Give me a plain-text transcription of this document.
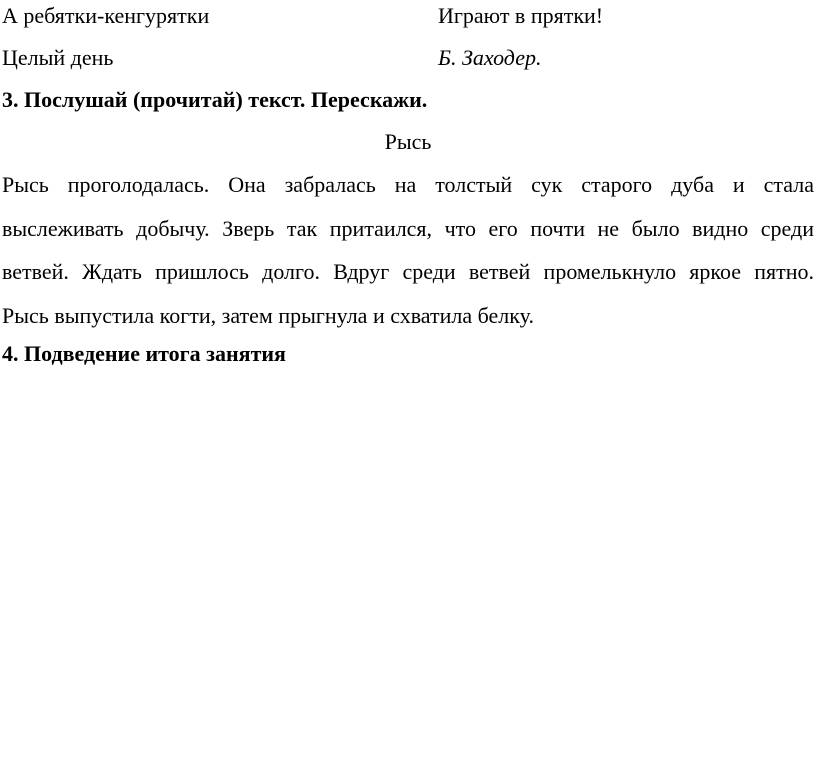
А ребятки-кенгурятки	Играют в прятки!
Целый день	Б. Заходер.
3. Послушай (прочитай) текст. Перескажи.
Рысь
Рысь проголодалась. Она забралась на толстый сук старого дуба и стала
выслеживать добычу. Зверь так притаился, что его почти не было видно среди
ветвей. Ждать пришлось долго. Вдруг среди ветвей промелькнуло яркое пятно.
Рысь выпустила когти, затем прыгнула и схватила белку.
4. Подведение итога занятия
